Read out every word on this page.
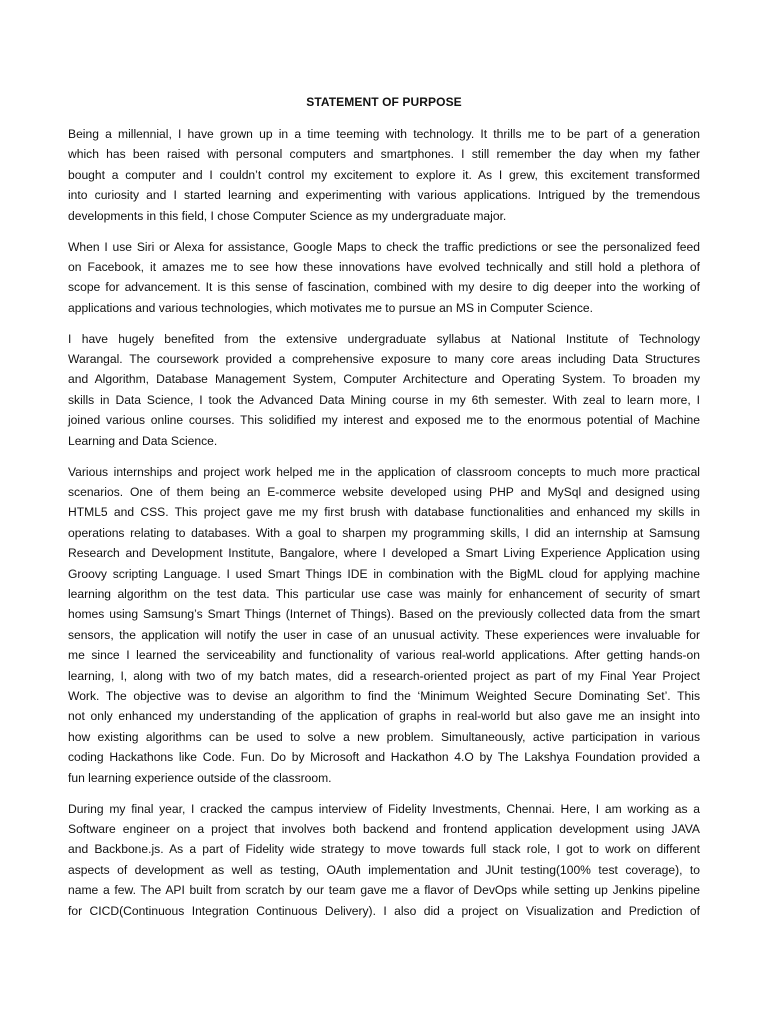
STATEMENT OF PURPOSE

Being a millennial, I have grown up in a time teeming with technology. It thrills me to be part of a generation
which has been raised with personal computers and smartphones. I still remember the day when my father
bought a computer and I couldn’t control my excitement to explore it. As I grew, this excitement transformed
into curiosity and I started learning and experimenting with various applications. Intrigued by the tremendous
developments in this field, I chose Computer Science as my undergraduate major.

When I use Siri or Alexa for assistance, Google Maps to check the traffic predictions or see the personalized feed
on Facebook, it amazes me to see how these innovations have evolved technically and still hold a plethora of
scope for advancement. It is this sense of fascination, combined with my desire to dig deeper into the working of
applications and various technologies, which motivates me to pursue an MS in Computer Science.

I have hugely benefited from the extensive undergraduate syllabus at National Institute of Technology
Warangal. The coursework provided a comprehensive exposure to many core areas including Data Structures
and Algorithm, Database Management System, Computer Architecture and Operating System. To broaden my
skills in Data Science, I took the Advanced Data Mining course in my 6th semester. With zeal to learn more, I
joined various online courses. This solidified my interest and exposed me to the enormous potential of Machine
Learning and Data Science.

Various internships and project work helped me in the application of classroom concepts to much more practical
scenarios. One of them being an E-commerce website developed using PHP and MySql and designed using
HTML5 and CSS. This project gave me my first brush with database functionalities and enhanced my skills in
operations relating to databases. With a goal to sharpen my programming skills, I did an internship at Samsung
Research and Development Institute, Bangalore, where I developed a Smart Living Experience Application using
Groovy scripting Language. I used Smart Things IDE in combination with the BigML cloud for applying machine
learning algorithm on the test data. This particular use case was mainly for enhancement of security of smart
homes using Samsung’s Smart Things (Internet of Things). Based on the previously collected data from the smart
sensors, the application will notify the user in case of an unusual activity. These experiences were invaluable for
me since I learned the serviceability and functionality of various real-world applications. After getting hands-on
learning, I, along with two of my batch mates, did a research-oriented project as part of my Final Year Project
Work. The objective was to devise an algorithm to find the ‘Minimum Weighted Secure Dominating Set’. This
not only enhanced my understanding of the application of graphs in real-world but also gave me an insight into
how existing algorithms can be used to solve a new problem. Simultaneously, active participation in various
coding Hackathons like Code. Fun. Do by Microsoft and Hackathon 4.O by The Lakshya Foundation provided a
fun learning experience outside of the classroom.

During my final year, I cracked the campus interview of Fidelity Investments, Chennai. Here, I am working as a
Software engineer on a project that involves both backend and frontend application development using JAVA
and Backbone.js. As a part of Fidelity wide strategy to move towards full stack role, I got to work on different
aspects of development as well as testing, OAuth implementation and JUnit testing(100% test coverage), to
name a few. The API built from scratch by our team gave me a flavor of DevOps while setting up Jenkins pipeline
for CICD(Continuous Integration Continuous Delivery). I also did a project on Visualization and Prediction of
